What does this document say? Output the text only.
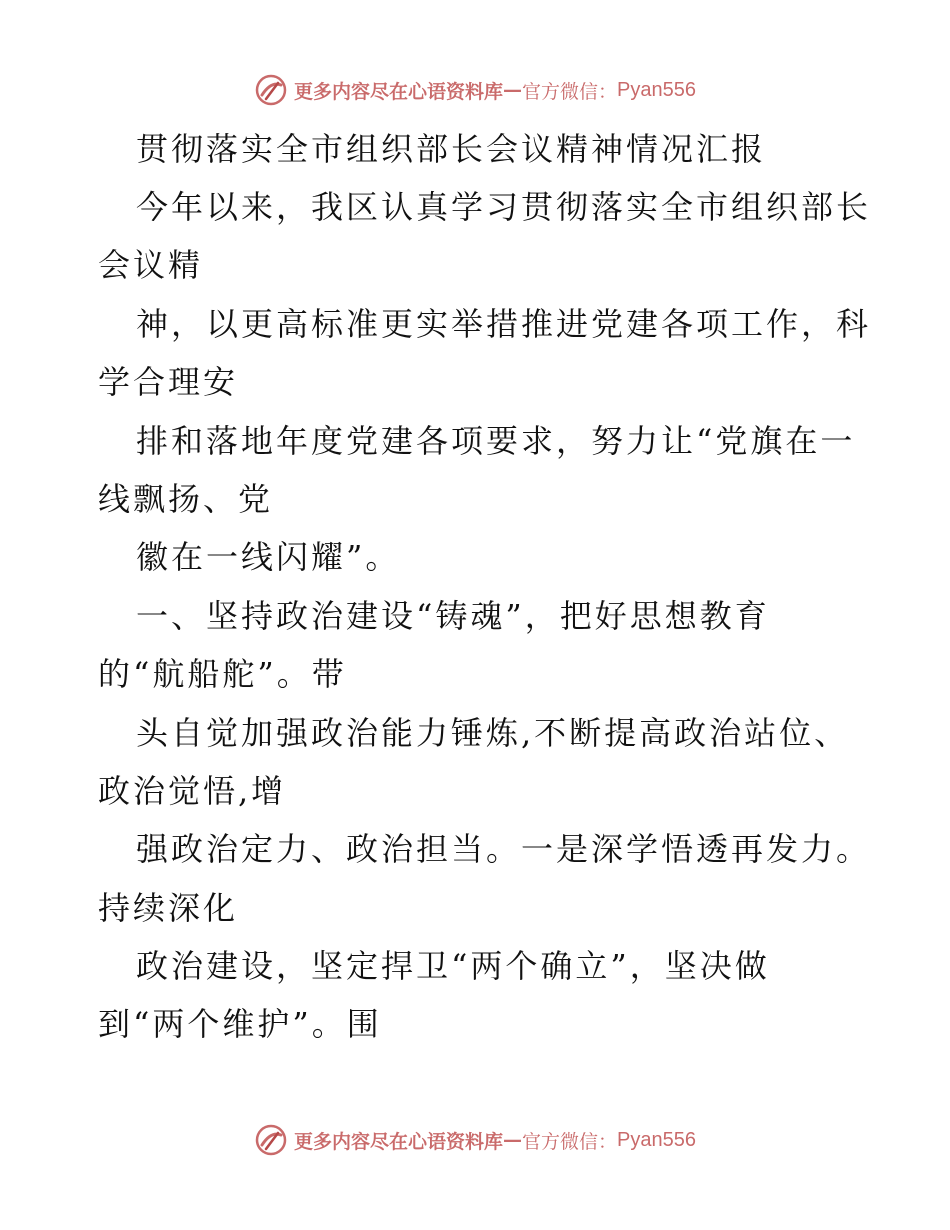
更多内容尽在心语资料库 — 官方微信： Pyan556
贯彻落实全市组织部长会议精神情况汇报
今年以来，我区认真学习贯彻落实全市组织部长
会议精
神，以更高标准更实举措推进党建各项工作，科
学合理安
排和落地年度党建各项要求，努力让“党旗在一
线飘扬、党
徽在一线闪耀”。
一、坚持政治建设“铸魂”，把好思想教育
的“航船舵”。带
头自觉加强政治能力锤炼,不断提高政治站位、
政治觉悟,增
强政治定力、政治担当。一是深学悟透再发力。
持续深化
政治建设，坚定捍卫“两个确立”，坚决做
到“两个维护”。围
更多内容尽在心语资料库 — 官方微信： Pyan556
